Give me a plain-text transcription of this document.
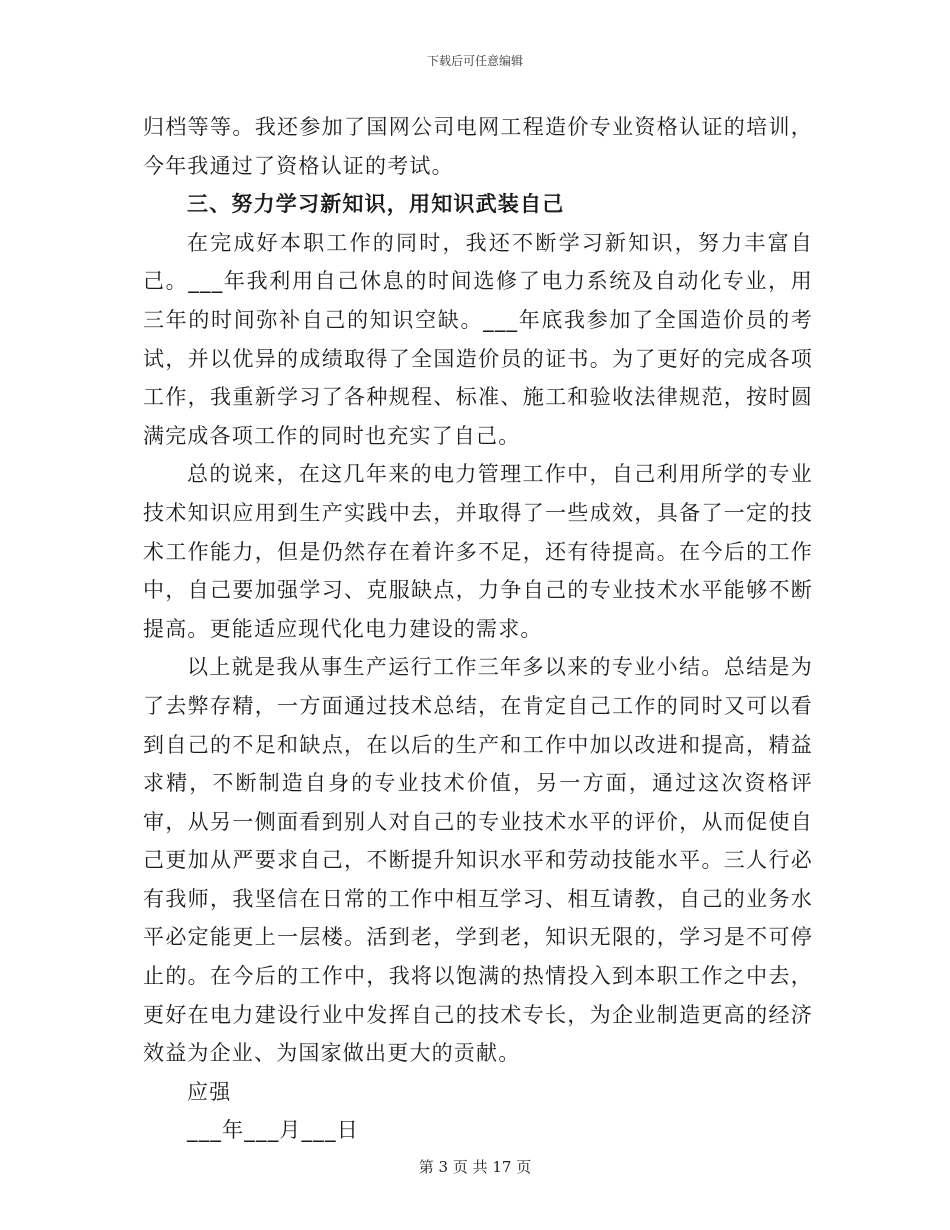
下载后可任意编辑

归档等等。我还参加了国网公司电网工程造价专业资格认证的培训，今年我通过了资格认证的考试。

三、努力学习新知识，用知识武装自己

在完成好本职工作的同时，我还不断学习新知识，努力丰富自己。___年我利用自己休息的时间选修了电力系统及自动化专业，用三年的时间弥补自己的知识空缺。___年底我参加了全国造价员的考试，并以优异的成绩取得了全国造价员的证书。为了更好的完成各项工作，我重新学习了各种规程、标准、施工和验收法律规范，按时圆满完成各项工作的同时也充实了自己。

总的说来，在这几年来的电力管理工作中，自己利用所学的专业技术知识应用到生产实践中去，并取得了一些成效，具备了一定的技术工作能力，但是仍然存在着许多不足，还有待提高。在今后的工作中，自己要加强学习、克服缺点，力争自己的专业技术水平能够不断提高。更能适应现代化电力建设的需求。

以上就是我从事生产运行工作三年多以来的专业小结。总结是为了去弊存精，一方面通过技术总结，在肯定自己工作的同时又可以看到自己的不足和缺点，在以后的生产和工作中加以改进和提高，精益求精，不断制造自身的专业技术价值，另一方面，通过这次资格评审，从另一侧面看到别人对自己的专业技术水平的评价，从而促使自己更加从严要求自己，不断提升知识水平和劳动技能水平。三人行必有我师，我坚信在日常的工作中相互学习、相互请教，自己的业务水平必定能更上一层楼。活到老，学到老，知识无限的，学习是不可停止的。在今后的工作中，我将以饱满的热情投入到本职工作之中去，更好在电力建设行业中发挥自己的技术专长，为企业制造更高的经济效益为企业、为国家做出更大的贡献。

应强

___年___月___日

第 3 页 共 17 页
